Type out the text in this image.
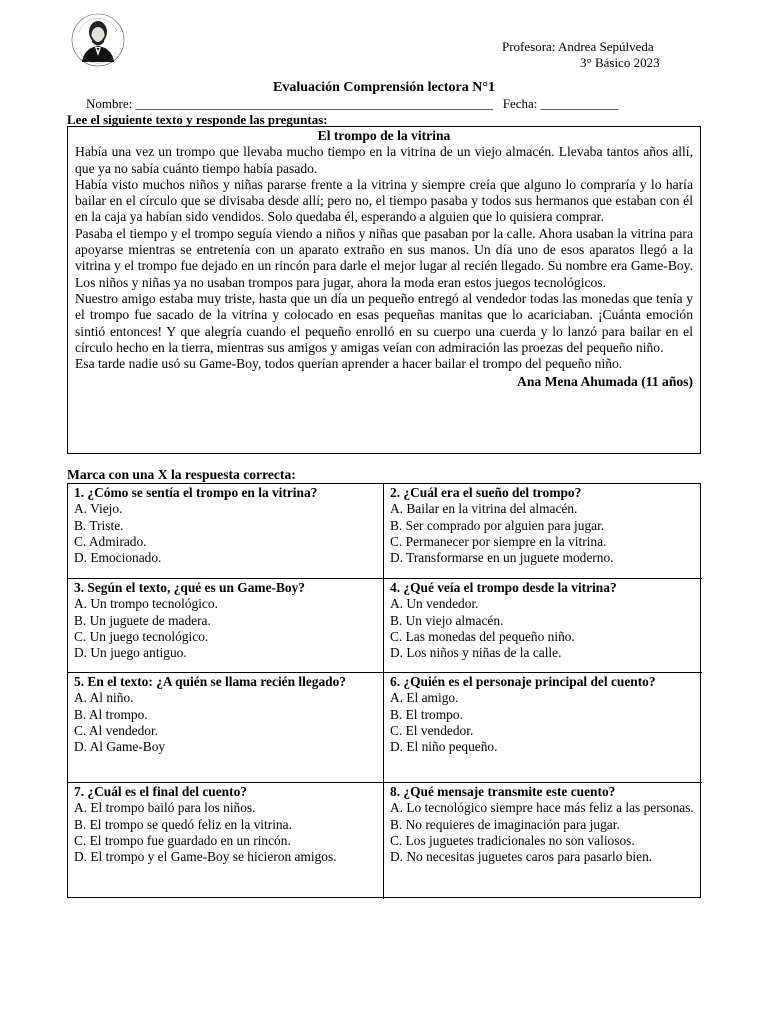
Profesora: Andrea Sepúlveda
3° Básico 2023
Evaluación Comprensión lectora N°1
Nombre: _______________________________________________________   Fecha: ____________
Lee el siguiente texto y responde las preguntas:
El trompo de la vitrina

Había una vez un trompo que llevaba mucho tiempo en la vitrina de un viejo almacén. Llevaba tantos años allí, que ya no sabía cuánto tiempo había pasado.

Había visto muchos niños y niñas pararse frente a la vitrina y siempre creía que alguno lo compraría y lo haría bailar en el círculo que se divisaba desde allí; pero no, el tiempo pasaba y todos sus hermanos que estaban con él en la caja ya habían sido vendidos. Solo quedaba él, esperando a alguien que lo quisiera comprar.

Pasaba el tiempo y el trompo seguía viendo a niños y niñas que pasaban por la calle. Ahora usaban la vitrina para apoyarse mientras se entretenía con un aparato extraño en sus manos. Un día uno de esos aparatos llegó a la vitrina y el trompo fue dejado en un rincón para darle el mejor lugar al recién llegado. Su nombre era Game-Boy. Los niños y niñas ya no usaban trompos para jugar, ahora la moda eran estos juegos tecnológicos.

Nuestro amigo estaba muy triste, hasta que un día un pequeño entregó al vendedor todas las monedas que tenía y el trompo fue sacado de la vitrina y colocado en esas pequeñas manitas que lo acariciaban. ¡Cuánta emoción sintió entonces! Y que alegría cuando el pequeño enrolló en su cuerpo una cuerda y lo lanzó para bailar en el círculo hecho en la tierra, mientras sus amigos y amigas veían con admiración las proezas del pequeño niño.

Esa tarde nadie usó su Game-Boy, todos querían aprender a hacer bailar el trompo del pequeño niño.

Ana Mena Ahumada (11 años)
Marca con una X la respuesta correcta:
1. ¿Cómo se sentía el trompo en la vitrina?
A. Viejo.
B. Triste.
C. Admirado.
D. Emocionado.
2. ¿Cuál era el sueño del trompo?
A. Bailar en la vitrina del almacén.
B. Ser comprado por alguien para jugar.
C. Permanecer por siempre en la vitrina.
D. Transformarse en un juguete moderno.
3. Según el texto, ¿qué es un Game-Boy?
A. Un trompo tecnológico.
B. Un juguete de madera.
C. Un juego tecnológico.
D. Un juego antiguo.
4. ¿Qué veía el trompo desde la vitrina?
A. Un vendedor.
B. Un viejo almacén.
C. Las monedas del pequeño niño.
D. Los niños y niñas de la calle.
5. En el texto: ¿A quién se llama recién llegado?
A. Al niño.
B. Al trompo.
C. Al vendedor.
D. Al Game-Boy
6. ¿Quién es el personaje principal del cuento?
A. El amigo.
B. El trompo.
C. El vendedor.
D. El niño pequeño.
7. ¿Cuál es el final del cuento?
A. El trompo bailó para los niños.
B. El trompo se quedó feliz en la vitrina.
C. El trompo fue guardado en un rincón.
D. El trompo y el Game-Boy se hicieron amigos.
8. ¿Qué mensaje transmite este cuento?
A. Lo tecnológico siempre hace más feliz a las personas.
B. No requieres de imaginación para jugar.
C. Los juguetes tradicionales no son valiosos.
D. No necesitas juguetes caros para pasarlo bien.
